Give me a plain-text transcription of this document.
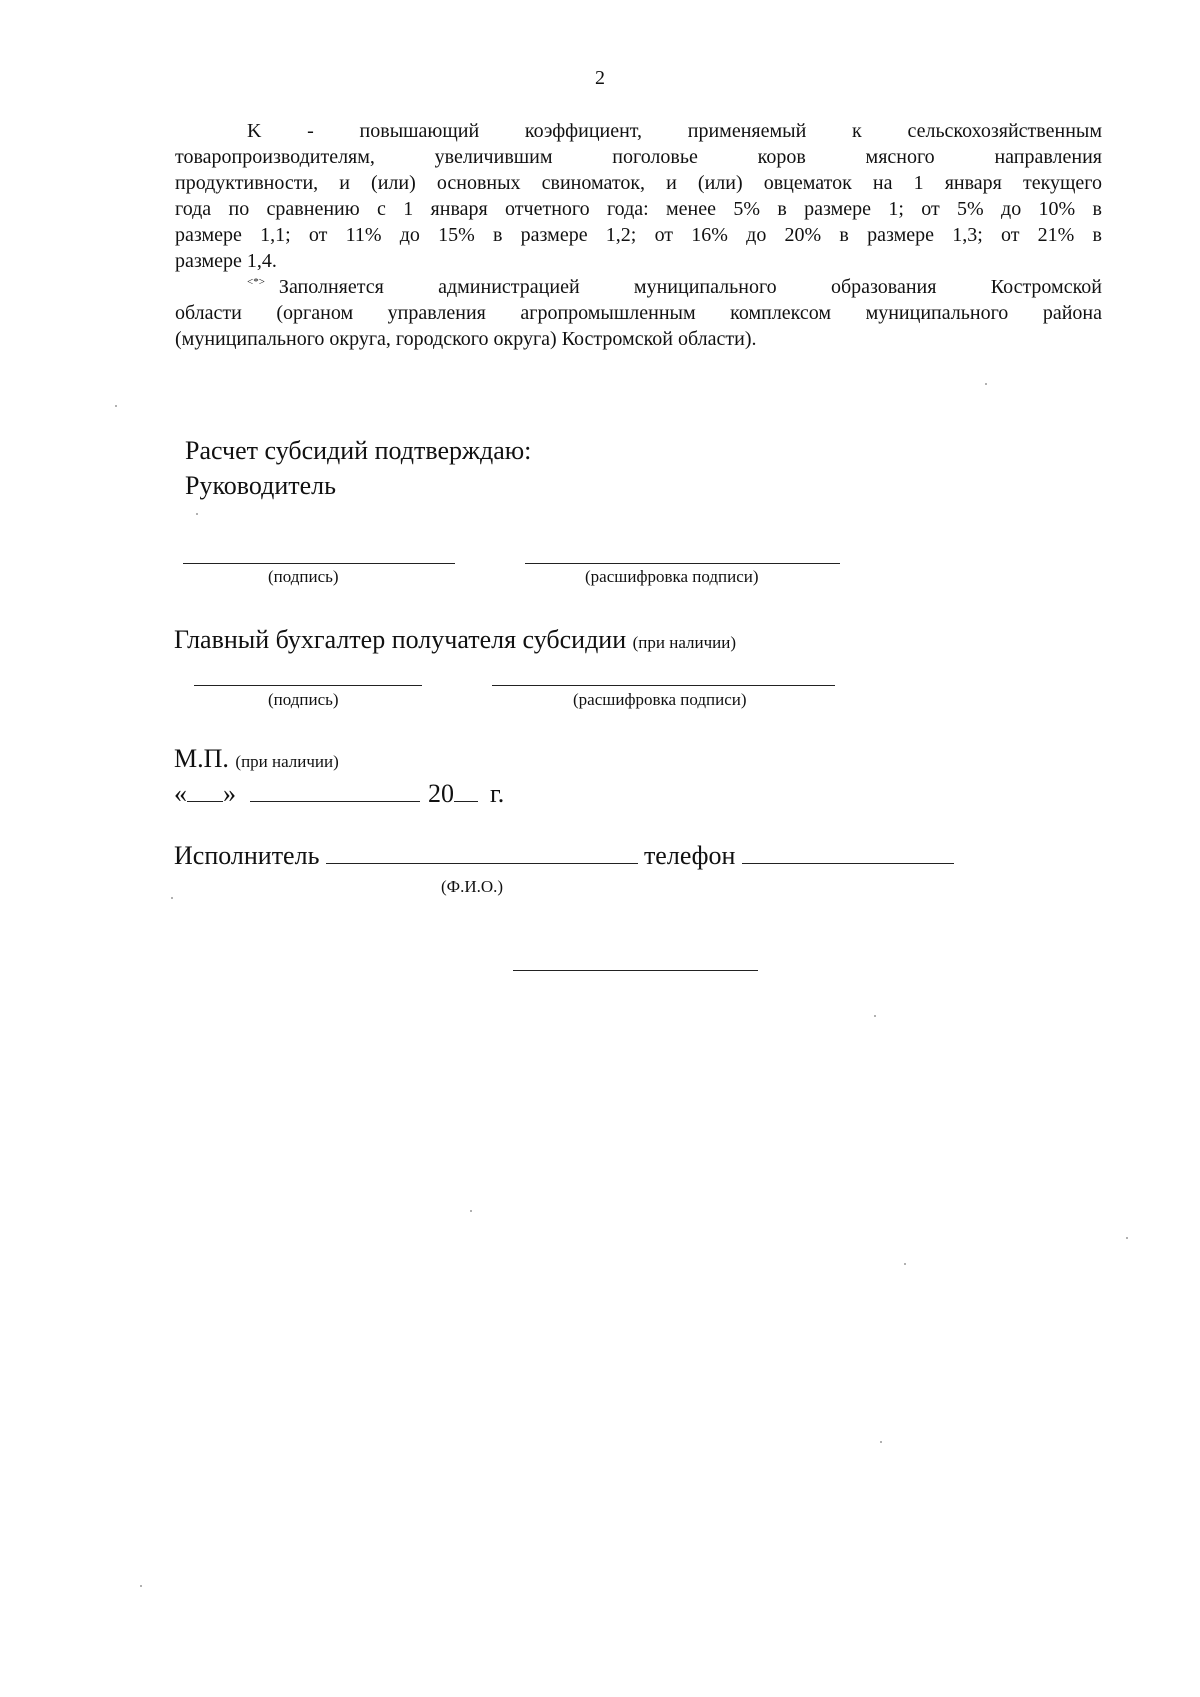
2
K - повышающий коэффициент, применяемый к сельскохозяйственным
товаропроизводителям, увеличившим поголовье коров мясного направления
продуктивности, и (или) основных свиноматок, и (или) овцематок на 1 января текущего
года по сравнению с 1 января отчетного года: менее 5% в размере 1; от 5% до 10% в
размере 1,1; от 11% до 15% в размере 1,2; от 16% до 20% в размере 1,3; от 21% в
размере 1,4.
<*> Заполняется администрацией муниципального образования Костромской
области (органом управления агропромышленным комплексом муниципального района
(муниципального округа, городского округа) Костромской области).
Расчет субсидий подтверждаю:
Руководитель
(подпись)	(расшифровка подписи)
Главный бухгалтер получателя субсидии (при наличии)
(подпись)	(расшифровка подписи)
М.П. (при наличии)
« »	20 г.
Исполнитель	телефон
(Ф.И.О.)
